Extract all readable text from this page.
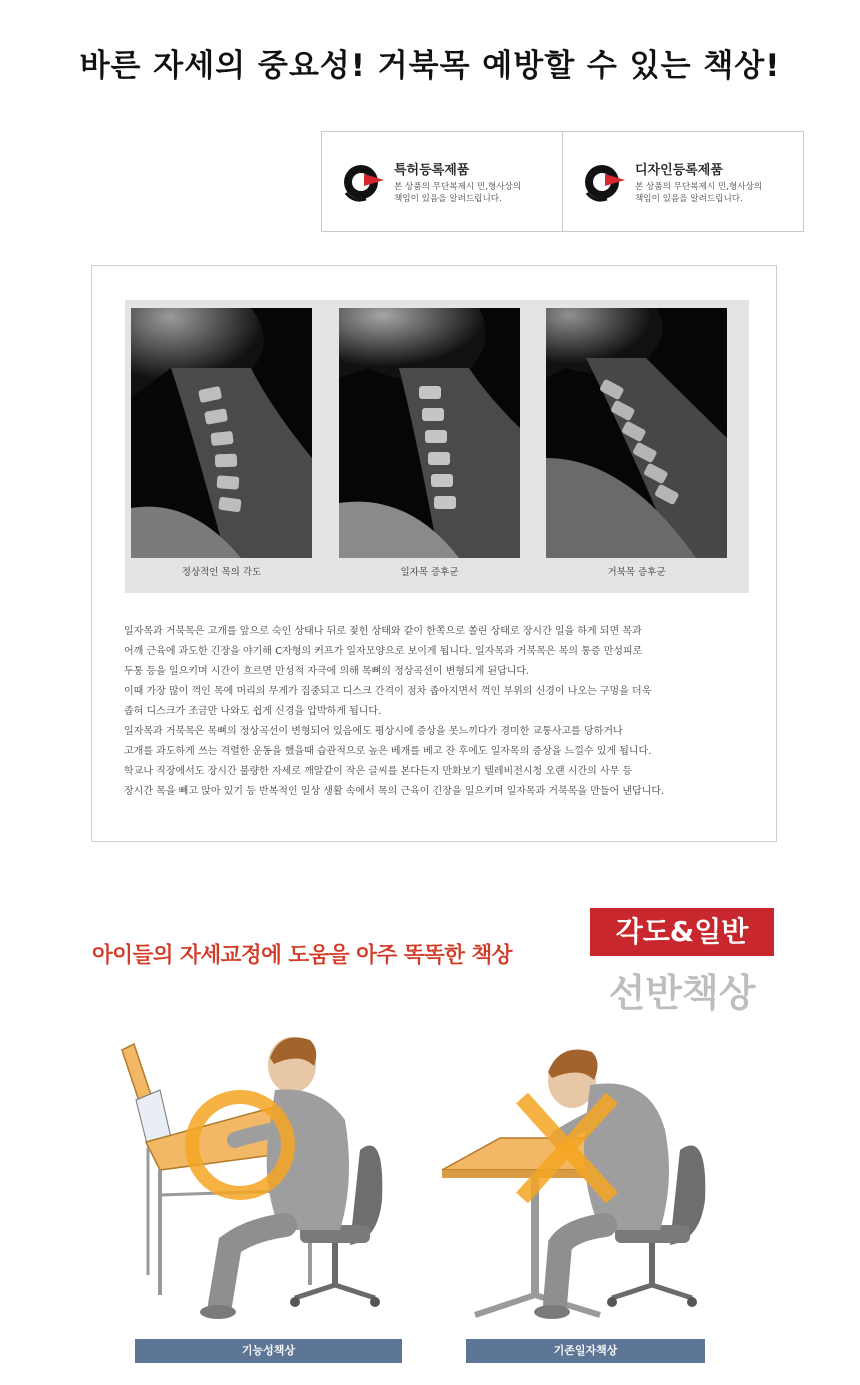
바른 자세의 중요성! 거북목 예방할 수 있는 책상!
특허등록제품
본 상품의 무단복제시 민,형사상의
책임이 있음을 알려드립니다.
디자인등록제품
본 상품의 무단복제시 민,형사상의
책임이 있음을 알려드립니다.
정상적인 목의 각도	일자목 증후군	거북목 증후군

일자목과 거북목은 고개를 앞으로 숙인 상태나 뒤로 젖힌 상태와 같이 한쪽으로 쏠린 상태로 장시간 일을 하게 되면 목과

어깨 근육에 과도한 긴장을 야기해 C자형의 커프가 일자모양으로 보이게 됩니다. 일자목과 거북목은 목의 통증 만성피로

두통 등을 일으키며 시간이 흐르면 만성적 자극에 의해 목뼈의 정상곡선이 변형되게 된답니다.

이때 가장 많이 꺽인 목에 머리의 무게가 집중되고 디스크 간격이 점차 좁아지면서 꺽인 부위의 신경이 나오는 구멍을 더욱

좁혀 디스크가 조금만 나와도 쉽게 신경을 압박하게 됩니다.

일자목과 거북목은 목뼈의 정상곡선이 변형되어 있음에도 평상시에 증상을 못느끼다가 경미한 교통사고를 당하거나

고개를 과도하게 쓰는 격렬한 운동을 했을때 습관적으로 높은 베개를 베고 잔 후에도 일자목의 증상을 느낄수 있게 됩니다.

학교나 직장에서도 장시간 불량한 자세로 깨알같이 작은 글씨를 본다든지 만화보기 텔레비전시청 오랜 시간의 사무 등

장시간 목을 빼고 앉아 있기 등 반복적인 일상 생활 속에서 목의 근육이 긴장을 일으키며 일자목과 거북목을 만들어 낸답니다.

아이들의 자세교정에 도움을 아주 똑똑한 책상
각도&일반
선반책상
기능성책상	기존일자책상
